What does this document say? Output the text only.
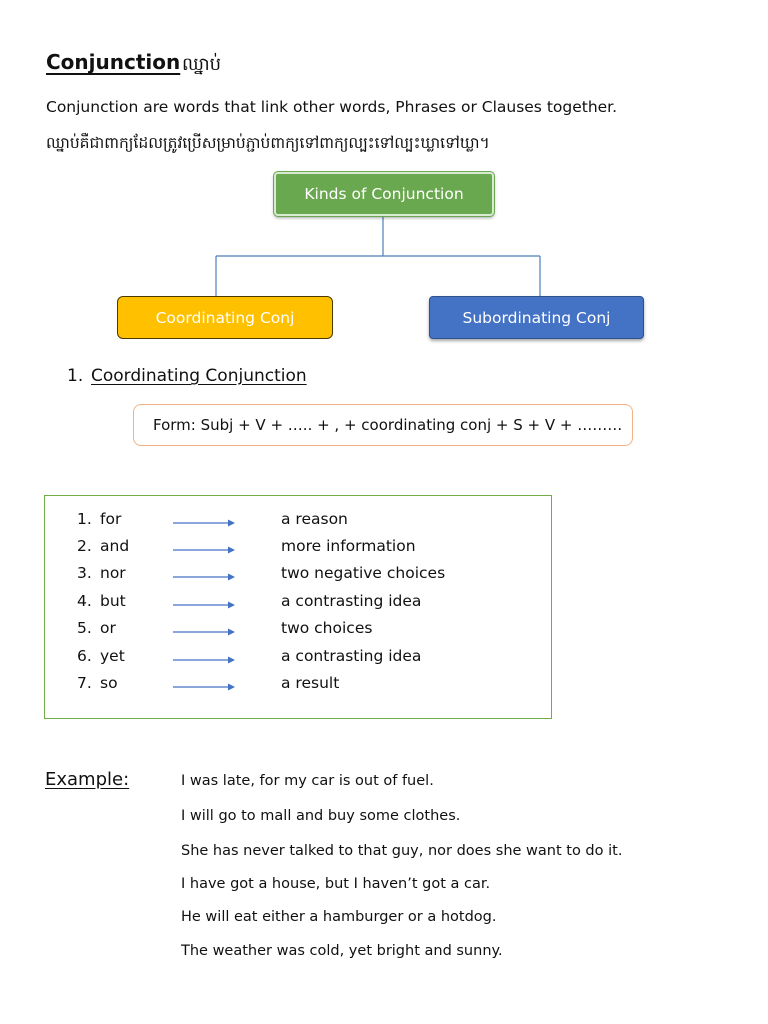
Conjunction ឈ្នាប់
Conjunction are words that link other words, Phrases or Clauses together.
ឈ្នាប់គឺជាពាក្យដែលត្រូវប្រើសម្រាប់ភ្ជាប់ពាក្យទៅពាក្យល្បះទៅល្បះឃ្លាទៅឃ្លា។
Kinds of Conjunction
Coordinating Conj	Subordinating Conj
1. Coordinating Conjunction
Form: Subj + V + ….. + , + coordinating conj + S + V + ………
1. for	a reason
2. and	more information
3. nor	two negative choices
4. but	a contrasting idea
5. or	two choices
6. yet	a contrasting idea
7. so	a result
Example:	I was late, for my car is out of fuel.
I will go to mall and buy some clothes.
She has never talked to that guy, nor does she want to do it.
I have got a house, but I haven’t got a car.
He will eat either a hamburger or a hotdog.
The weather was cold, yet bright and sunny.
